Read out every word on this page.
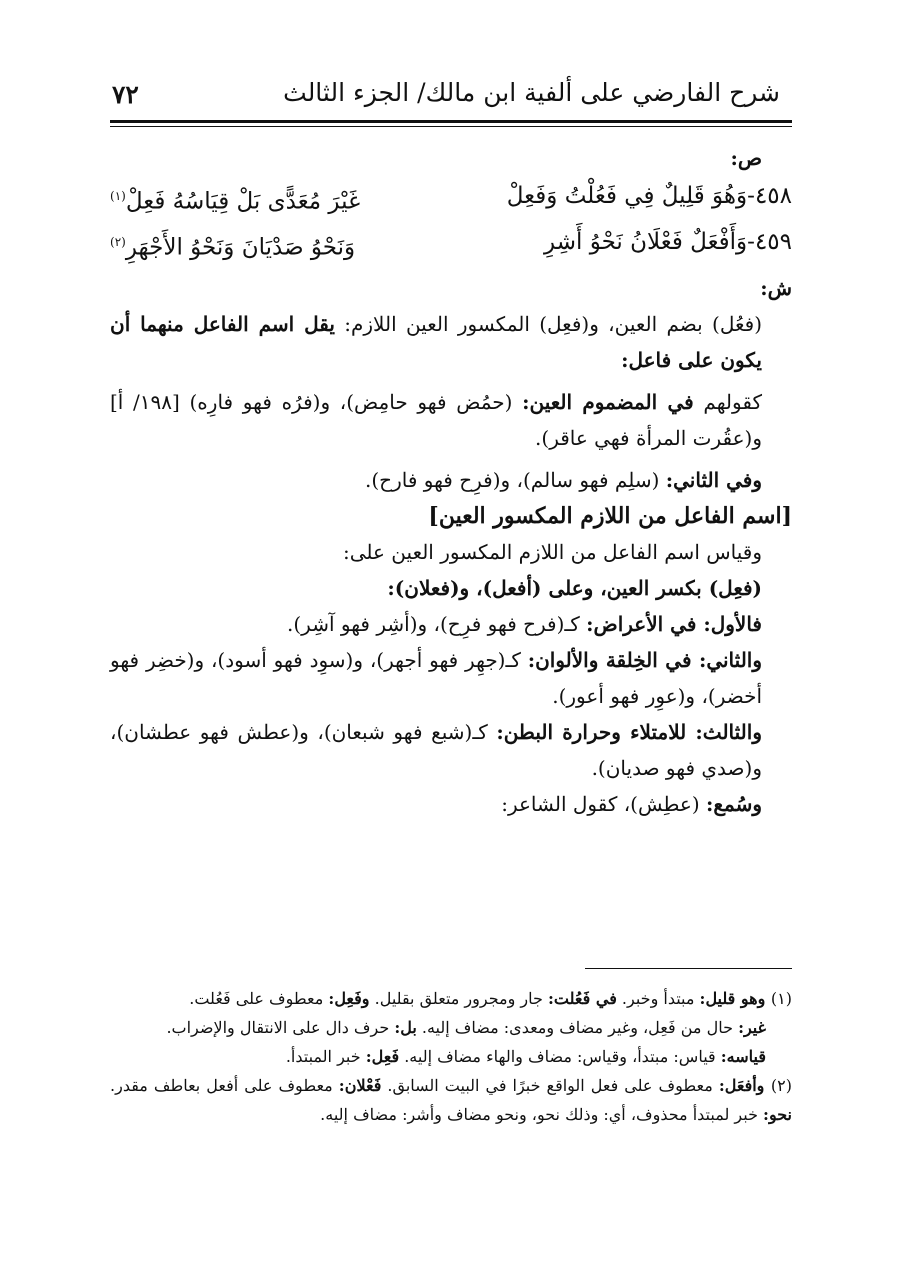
شرح الفارضي على ألفية ابن مالك/ الجزء الثالث
٧٢

ص:

٤٥٨-وَهُوَ قَلِيلٌ فِي فَعُلْتُ وَفَعِلْ
غَيْرَ مُعَدًّى بَلْ قِيَاسُهُ فَعِلْ$^{(١)}$
٤٥٩-وَأَفْعَلٌ فَعْلَانُ نَحْوُ أَشِرِ
وَنَحْوُ صَدْيَانَ وَنَحْوُ الأَجْهَرِ$^{(٢)}$

ش:

(فعُل) بضم العين، و(فعِل) المكسور العين اللازم: يقل اسم الفاعل منهما أن يكون على فاعل:

كقولهم في المضموم العين: (حمُض فهو حامِض)، و(فرُه فهو فارِه) [١٩٨/ أ] و(عقُرت المرأة فهي عاقر).

وفي الثاني: (سلِم فهو سالم)، و(فرِح فهو فارح).

[اسم الفاعل من اللازم المكسور العين]

وقياس اسم الفاعل من اللازم المكسور العين على:

(فعِل) بكسر العين، وعلى (أفعل)، و(فعلان):

فالأول: في الأعراض: كـ(فرح فهو فرِح)، و(أشِر فهو آشِر).

والثاني: في الخِلقة والألوان: كـ(جهِر فهو أجهر)، و(سوِد فهو أسود)، و(خضِر فهو أخضر)، و(عوِر فهو أعور).

والثالث: للامتلاء وحرارة البطن: كـ(شبع فهو شبعان)، و(عطش فهو عطشان)، و(صدي فهو صديان).

وسُمع: (عطِش)، كقول الشاعر:

(١) وهو قليل: مبتدأ وخبر. في فَعُلت: جار ومجرور متعلق بقليل. وفَعِل: معطوف على فَعُلت.

غير: حال من فَعِل، وغير مضاف ومعدى: مضاف إليه. بل: حرف دال على الانتقال والإضراب.

قياسه: قياس: مبتدأ، وقياس: مضاف والهاء مضاف إليه. فَعِل: خبر المبتدأ.

(٢) وأفعَل: معطوف على فعل الواقع خبرًا في البيت السابق. فَعْلان: معطوف على أفعل بعاطف مقدر. نحو: خبر لمبتدأ محذوف، أي: وذلك نحو، ونحو مضاف وأشر: مضاف إليه.
